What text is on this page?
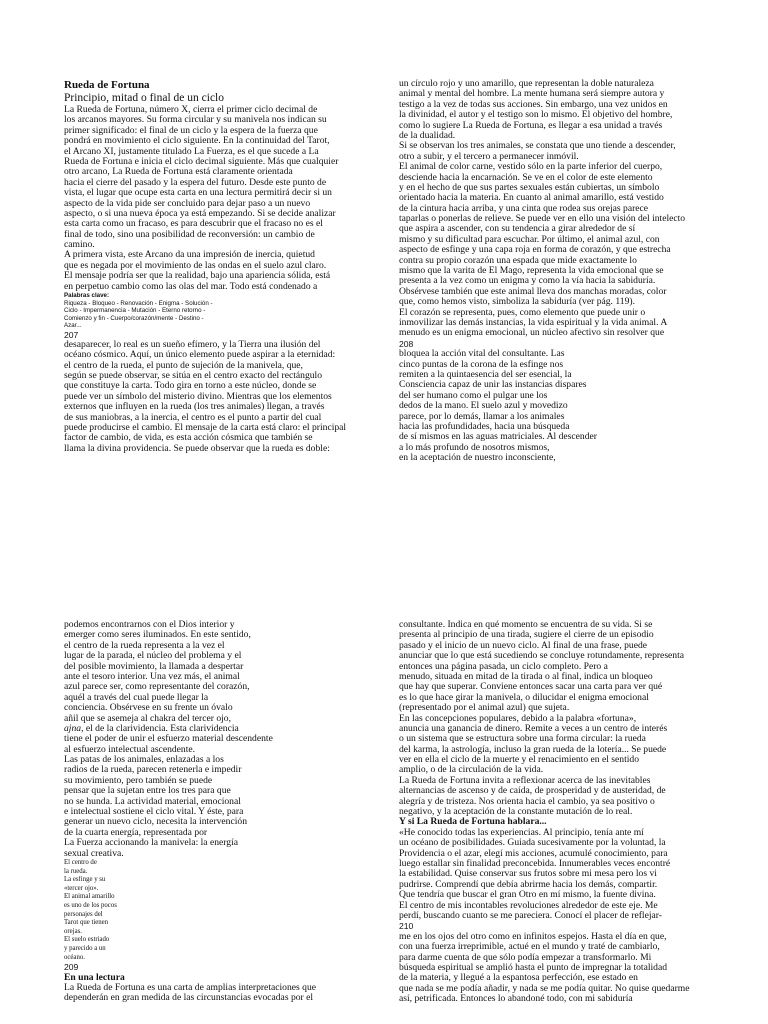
Rueda de Fortuna
Principio, mitad o final de un ciclo
La Rueda de Fortuna, número X, cierra el primer ciclo decimal de
los arcanos mayores. Su forma circular y su manivela nos indican su
primer significado: el final de un ciclo y la espera de la fuerza que
pondrá en movimiento el ciclo siguiente. En la continuidad del Tarot,
el Arcano XI, justamente titulado La Fuerza, es el que sucede a La
Rueda de Fortuna e inicia el ciclo decimal siguiente. Más que cualquier
otro arcano, La Rueda de Fortuna está claramente orientada
hacia el cierre del pasado y la espera del futuro. Desde este punto de
vista, el lugar que ocupe esta carta en una lectura permitirá decir si un
aspecto de la vida pide ser concluido para dejar paso a un nuevo
aspecto, o si una nueva época ya está empezando. Si se decide analizar
esta carta como un fracaso, es para descubrir que el fracaso no es el
final de todo, sino una posibilidad de reconversión: un cambio de
camino.
A primera vista, este Arcano da una impresión de inercia, quietud
que es negada por el movimiento de las ondas en el suelo azul claro.
El mensaje podría ser que la realidad, bajo una apariencia sólida, está
en perpetuo cambio como las olas del mar. Todo está condenado a
Palabras clave:
Riqueza - Bloqueo - Renovación - Enigma - Solución -
Ciclo - Impermanencia - Mutación - Eterno retorno -
Comienzo y fin - Cuerpo/corazón/mente - Destino -
Azar...
207
desaparecer, lo real es un sueño efímero, y la Tierra una ilusión del
océano cósmico. Aquí, un único elemento puede aspirar a la eternidad:
el centro de la rueda, el punto de sujeción de la manivela, que,
según se puede observar, se sitúa en el centro exacto del rectángulo
que constituye la carta. Todo gira en torno a este núcleo, donde se
puede ver un símbolo del misterio divino. Mientras que los elementos
externos que influyen en la rueda (los tres animales) llegan, a través
de sus maniobras, a la inercia, el centro es el punto a partir del cual
puede producirse el cambio. El mensaje de la carta está claro: el principal
factor de cambio, de vida, es esta acción cósmica que también se
llama la divina providencia. Se puede observar que la rueda es doble:
un círculo rojo y uno amarillo, que representan la doble naturaleza
animal y mental del hombre. La mente humana será siempre autora y
testigo a la vez de todas sus acciones. Sin embargo, una vez unidos en
la divinidad, el autor y el testigo son lo mismo. El objetivo del hombre,
como lo sugiere La Rueda de Fortuna, es llegar a esa unidad a través
de la dualidad.
Si se observan los tres animales, se constata que uno tiende a descender,
otro a subir, y el tercero a permanecer inmóvil.
El animal de color carne, vestido sólo en la parte inferior del cuerpo,
desciende hacia la encarnación. Se ve en el color de este elemento
y en el hecho de que sus partes sexuales están cubiertas, un símbolo
orientado hacia la materia. En cuanto al animal amarillo, está vestido
de la cintura hacia arriba, y una cinta que rodea sus orejas parece
taparlas o ponerlas de relieve. Se puede ver en ello una visión del intelecto
que aspira a ascender, con su tendencia a girar alrededor de sí
mismo y su dificultad para escuchar. Por último, el animal azul, con
aspecto de esfinge y una capa roja en forma de corazón, y que estrecha
contra su propio corazón una espada que mide exactamente lo
mismo que la varita de El Mago, representa la vida emocional que se
presenta a la vez como un enigma y como la vía hacia la sabiduría.
Obsérvese también que este animal lleva dos manchas moradas, color
que, como hemos visto, simboliza la sabiduría (ver pág. 119).
El corazón se representa, pues, como elemento que puede unir o
inmovilizar las demás instancias, la vida espiritual y la vida animal. A
menudo es un enigma emocional, un núcleo afectivo sin resolver que
208
bloquea la acción vital del consultante. Las
cinco puntas de la corona de la esfinge nos
remiten a la quintaesencia del ser esencial, la
Consciencia capaz de unir las instancias dispares
del ser humano como el pulgar une los
dedos de la mano. El suelo azul y movedizo
parece, por lo demás, llamar a los animales
hacia las profundidades, hacia una búsqueda
de sí mismos en las aguas matriciales. Al descender
a lo más profundo de nosotros mismos,
en la aceptación de nuestro inconsciente,
podemos encontrarnos con el Dios interior y
emerger como seres iluminados. En este sentido,
el centro de la rueda representa a la vez el
lugar de la parada, el núcleo del problema y el
del posible movimiento, la llamada a despertar
ante el tesoro interior. Una vez más, el animal
azul parece ser, como representante del corazón,
aquél a través del cual puede llegar la
conciencia. Obsérvese en su frente un óvalo
añil que se asemeja al chakra del tercer ojo,
ajna, el de la clarividencia. Esta clarividencia
tiene el poder de unir el esfuerzo material descendente
al esfuerzo intelectual ascendente.
Las patas de los animales, enlazadas a los
radios de la rueda, parecen retenerla e impedir
su movimiento, pero también se puede
pensar que la sujetan entre los tres para que
no se hunda. La actividad material, emocional
e intelectual sostiene el ciclo vital. Y éste, para
generar un nuevo ciclo, necesita la intervención
de la cuarta energía, representada por
La Fuerza accionando la manivela: la energía
sexual creativa.
El centro de
la rueda.
La esfinge y su
«tercer ojo».
El animal amarillo
es uno de los pocos
personajes del
Tarot que tienen
orejas.
El suelo estriado
y parecido a un
océano.
209
En una lectura
La Rueda de Fortuna es una carta de amplias interpretaciones que
dependerán en gran medida de las circunstancias evocadas por el
consultante. Indica en qué momento se encuentra de su vida. Si se
presenta al principio de una tirada, sugiere el cierre de un episodio
pasado y el inicio de un nuevo ciclo. Al final de una frase, puede
anunciar que lo que está sucediendo se concluye rotundamente, representa
entonces una página pasada, un ciclo completo. Pero a
menudo, situada en mitad de la tirada o al final, indica un bloqueo
que hay que superar. Conviene entonces sacar una carta para ver qué
es lo que hace girar la manivela, o dilucidar el enigma emocional
(representado por el animal azul) que sujeta.
En las concepciones populares, debido a la palabra «fortuna»,
anuncia una ganancia de dinero. Remite a veces a un centro de interés
o un sistema que se estructura sobre una forma circular: la rueda
del karma, la astrología, incluso la gran rueda de la lotería... Se puede
ver en ella el ciclo de la muerte y el renacimiento en el sentido
amplio, o de la circulación de la vida.
La Rueda de Fortuna invita a reflexionar acerca de las inevitables
alternancias de ascenso y de caída, de prosperidad y de austeridad, de
alegría y de tristeza. Nos orienta hacia el cambio, ya sea positivo o
negativo, y la aceptación de la constante mutación de lo real.
Y si La Rueda de Fortuna hablara...
«He conocido todas las experiencias. Al principio, tenía ante mí
un océano de posibilidades. Guiada sucesivamente por la voluntad, la
Providencia o el azar, elegí mis acciones, acumulé conocimiento, para
luego estallar sin finalidad preconcebida. Innumerables veces encontré
la estabilidad. Quise conservar sus frutos sobre mi mesa pero los vi
pudrirse. Comprendí que debía abrirme hacia los demás, compartir.
Que tendría que buscar el gran Otro en mí mismo, la fuente divina.
El centro de mis incontables revoluciones alrededor de este eje. Me
perdí, buscando cuanto se me pareciera. Conocí el placer de reflejar-
210
me en los ojos del otro como en infinitos espejos. Hasta el día en que,
con una fuerza irreprimible, actué en el mundo y traté de cambiarlo,
para darme cuenta de que sólo podía empezar a transformarlo. Mi
búsqueda espiritual se amplió hasta el punto de impregnar la totalidad
de la materia, y llegué a la espantosa perfección, ese estado en
que nada se me podía añadir, y nada se me podía quitar. No quise quedarme
así, petrificada. Entonces lo abandoné todo, con mi sabiduría
